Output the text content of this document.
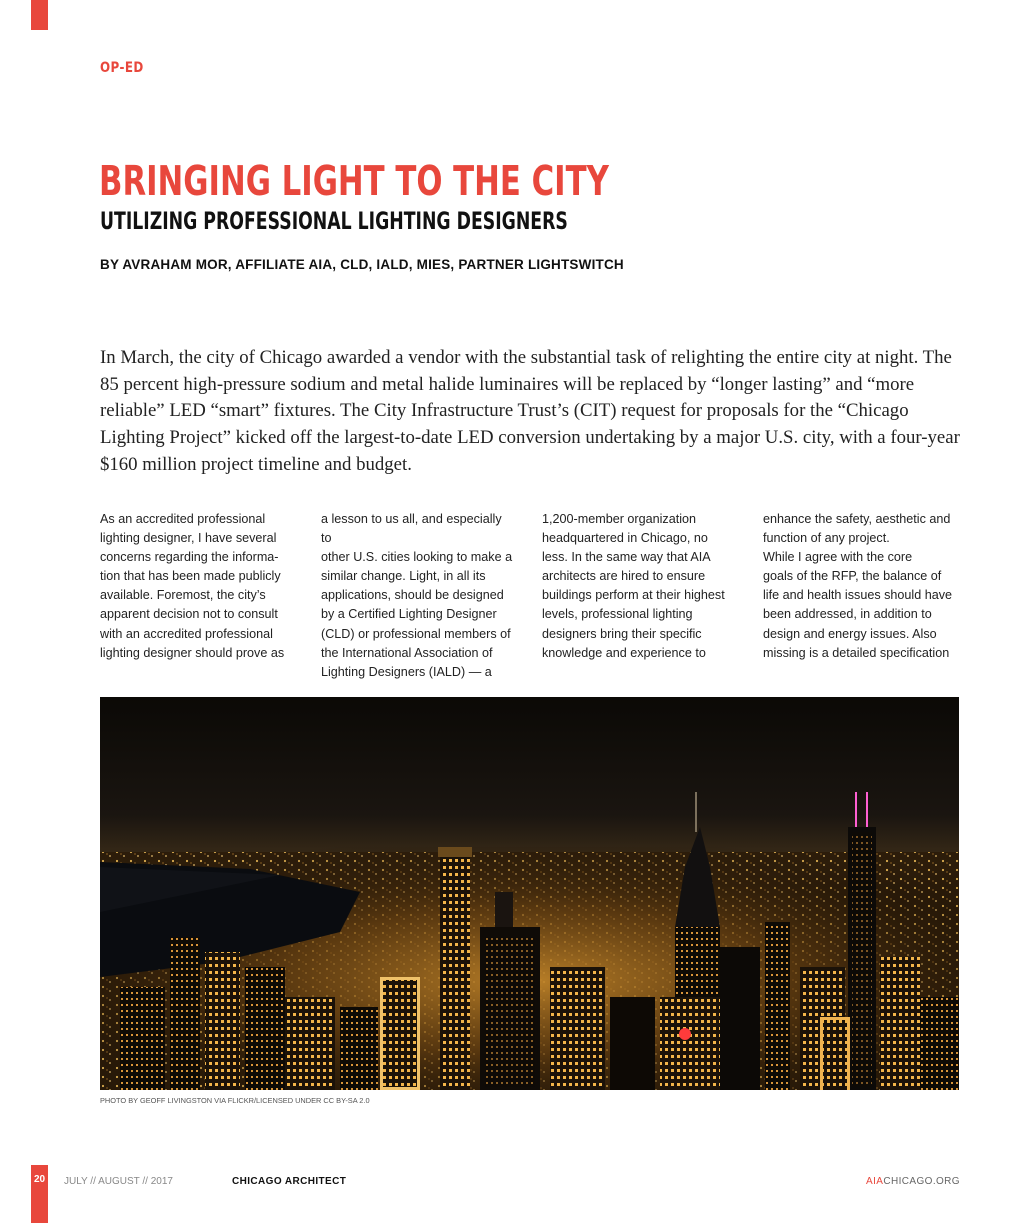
OP-ED
BRINGING LIGHT TO THE CITY
UTILIZING PROFESSIONAL LIGHTING DESIGNERS
BY AVRAHAM MOR, AFFILIATE AIA, CLD, IALD, MIES, PARTNER LIGHTSWITCH
In March, the city of Chicago awarded a vendor with the substantial task of relighting the entire city at night. The 85 percent high-pressure sodium and metal halide luminaires will be replaced by “longer lasting” and “more reliable” LED “smart” fixtures. The City Infrastructure Trust’s (CIT) request for proposals for the “Chicago Lighting Project” kicked off the largest-to-date LED conversion undertaking by a major U.S. city, with a four-year $160 million project timeline and budget.
As an accredited professional
lighting designer, I have several
concerns regarding the informa-
tion that has been made publicly
available. Foremost, the city’s
apparent decision not to consult
with an accredited professional
lighting designer should prove as
a lesson to us all, and especially to
other U.S. cities looking to make a
similar change. Light, in all its
applications, should be designed
by a Certified Lighting Designer
(CLD) or professional members of
the International Association of
Lighting Designers (IALD) — a
1,200-member organization
headquartered in Chicago, no
less. In the same way that AIA
architects are hired to ensure
buildings perform at their highest
levels, professional lighting
designers bring their specific
knowledge and experience to
enhance the safety, aesthetic and
function of any project.
While I agree with the core
goals of the RFP, the balance of
life and health issues should have
been addressed, in addition to
design and energy issues. Also
missing is a detailed specification
PHOTO BY GEOFF LIVINGSTON VIA FLICKR/LICENSED UNDER CC BY-SA 2.0
20 JULY // AUGUST // 2017	CHICAGO ARCHITECT	AIACHICAGO.ORG
